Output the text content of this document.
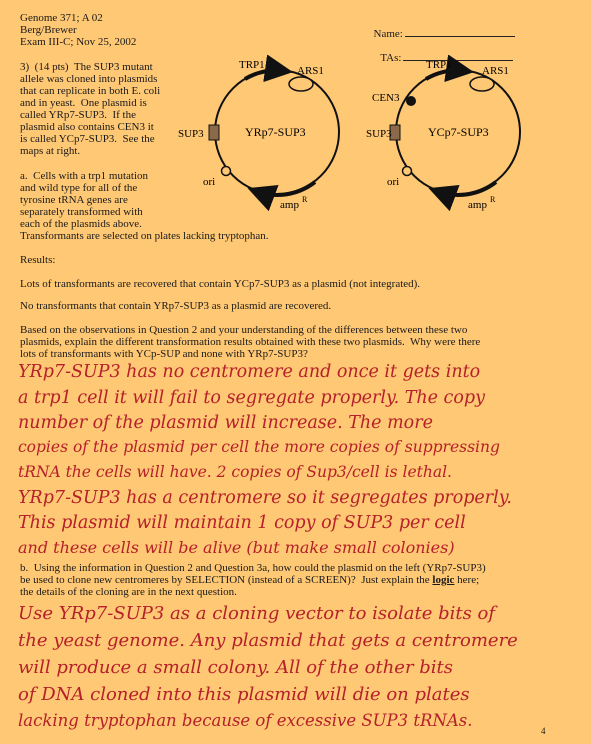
Genome 371; A 02
Berg/Brewer
Exam III-C; Nov 25, 2002

Name:

TAs:

3)  (14 pts)  The SUP3 mutant
allele was cloned into plasmids
that can replicate in both E. coli
and in yeast.  One plasmid is
called YRp7-SUP3.  If the
plasmid also contains CEN3 it
is called YCp7-SUP3.  See the
maps at right.
a.  Cells with a trp1 mutation
and wild type for all of the
tyrosine tRNA genes are
separately transformed with
each of the plasmids above.
Transformants are selected on plates lacking tryptophan.
TRP1	ARS1
SUP3	YRp7-SUP3
ori
amp R
TRP1	ARS1
CEN3
SUP3	YCp7-SUP3
ori
amp R
Results:
Lots of transformants are recovered that contain YCp7-SUP3 as a plasmid (not integrated).
No transformants that contain YRp7-SUP3 as a plasmid are recovered.
Based on the observations in Question 2 and your understanding of the differences between these two
plasmids, explain the different transformation results obtained with these two plasmids.  Why were there
lots of transformants with YCp-SUP and none with YRp7-SUP3?
YRp7-SUP3 has no centromere and once it gets into
a trp1 cell it will fail to segregate properly. The copy
number of the plasmid will increase. The more
copies of the plasmid per cell the more copies of suppressing
tRNA the cells will have. 2 copies of Sup3/cell is lethal.
YRp7-SUP3 has a centromere so it segregates properly.
This plasmid will maintain 1 copy of SUP3 per cell
and these cells will be alive (but make small colonies)
b.  Using the information in Question 2 and Question 3a, how could the plasmid on the left (YRp7-SUP3)
be used to clone new centromeres by SELECTION (instead of a SCREEN)?  Just explain the logic here;
the details of the cloning are in the next question.
Use YRp7-SUP3 as a cloning vector to isolate bits of
the yeast genome. Any plasmid that gets a centromere
will produce a small colony. All of the other bits
of DNA cloned into this plasmid will die on plates
lacking tryptophan because of excessive SUP3 tRNAs.
4
